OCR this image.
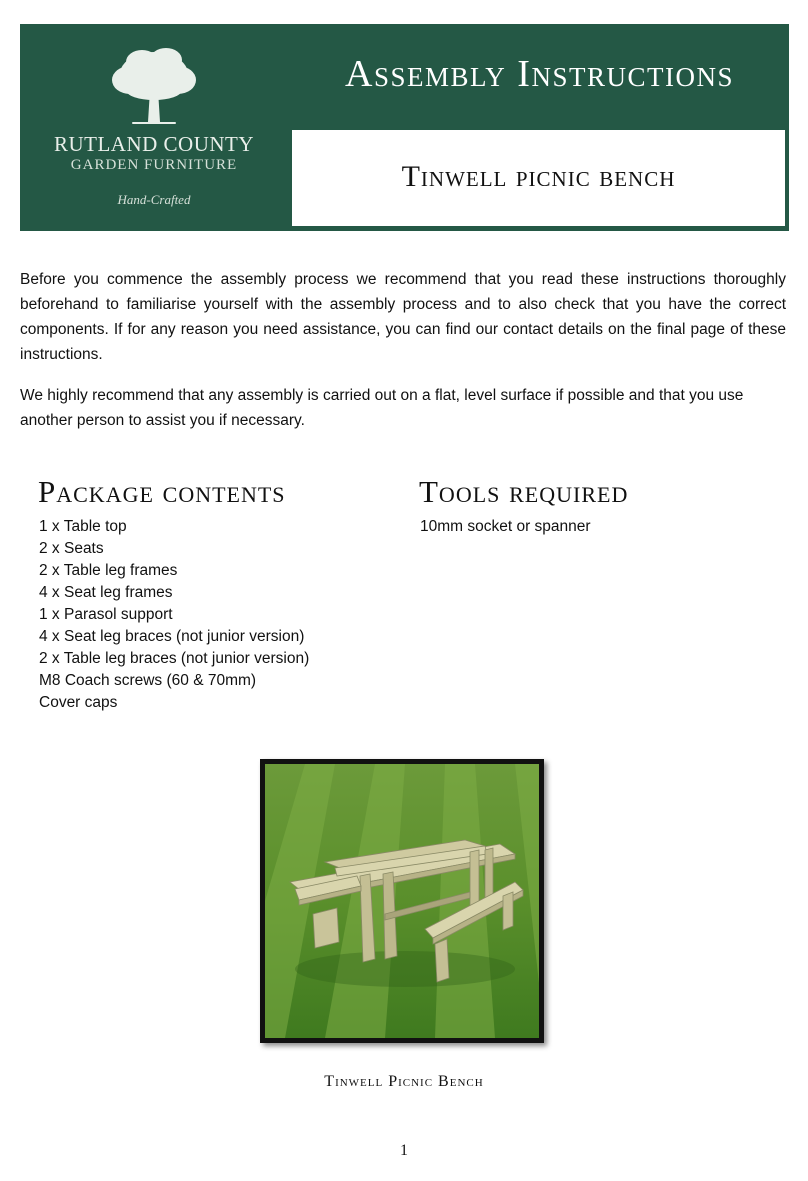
RUTLAND COUNTY
GARDEN FURNITURE
Hand-Crafted
Assembly Instructions
Tinwell picnic bench
Before you commence the assembly process we recommend that you read these instructions thoroughly beforehand to familiarise yourself with the assembly process and to also check that you have the correct components. If for any reason you need assistance, you can find our contact details on the final page of these instructions.
We highly recommend that any assembly is carried out on a flat, level surface if possible and that you use another person to assist you if necessary.
Package contents
1 x Table top
2 x Seats
2 x Table leg frames
4 x Seat leg frames
1 x Parasol support
4 x Seat leg braces (not junior version)
2 x Table leg braces (not junior version)
M8 Coach screws (60 & 70mm)
Cover caps
Tools required
10mm socket or spanner
Tinwell Picnic Bench
1
